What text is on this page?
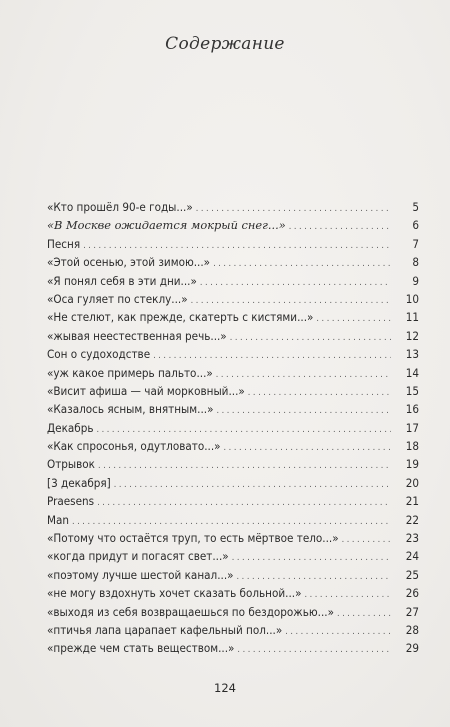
Содержание
«Кто прошёл 90-е годы...» . . .	5
«В Москве ожидается мокрый снег...» . . .	6
Песня . . .	7
«Этой осенью, этой зимою...» . . .	8
«Я понял себя в эти дни...» . . .	9
«Оса гуляет по стеклу...» . . .	10
«Не стелют, как прежде, скатерть с кистями...» . . .	11
«жывая неестественная речь...» . . .	12
Сон о судоходстве . . .	13
«уж какое примерь пальто...» . . .	14
«Висит афиша — чай морковный...» . . .	15
«Казалось ясным, внятным...» . . .	16
Декабрь . . .	17
«Как спросонья, одутловато...» . . .	18
Отрывок . . .	19
[3 декабря] . . .	20
Praesens . . .	21
Man . . .	22
«Потому что остаётся труп, то есть мёртвое тело...» . . .	23
«когда придут и погасят свет...» . . .	24
«поэтому лучше шестой канал...» . . .	25
«не могу вздохнуть хочет сказать больной...» . . .	26
«выходя из себя возвращаешься по бездорожью...» . . .	27
«птичья лапа царапает кафельный пол...» . . .	28
«прежде чем стать веществом...» . . .	29
124
